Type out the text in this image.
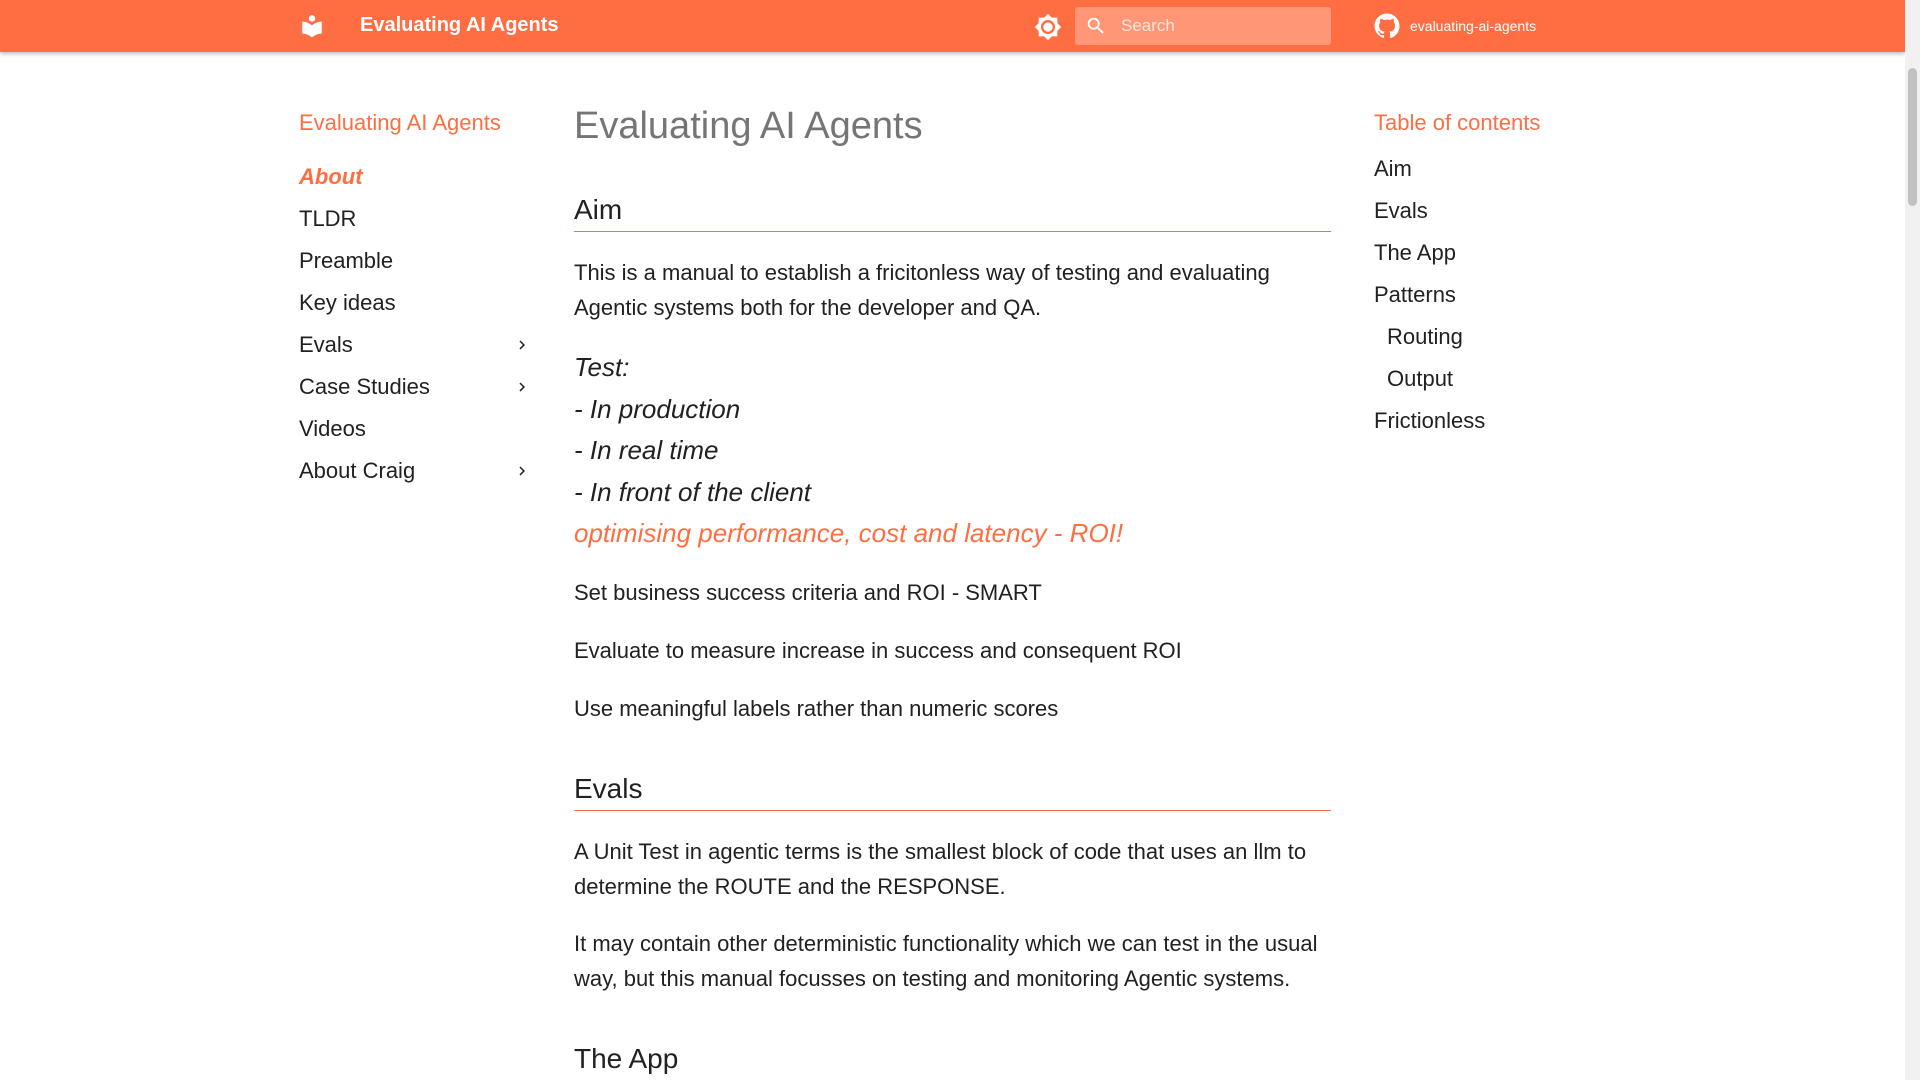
Evaluating AI Agents
Search	evaluating-ai-agents
Evaluating AI Agents
About
TLDR
Preamble
Key ideas
Evals
Case Studies
Videos
About Craig
Evaluating AI Agents
Aim

This is a manual to establish a fricitonless way of testing and evaluating Agentic systems both for the developer and QA.

Test:
- In production
- In real time
- In front of the client
optimising performance, cost and latency - ROI!

Set business success criteria and ROI - SMART

Evaluate to measure increase in success and consequent ROI

Use meaningful labels rather than numeric scores

Evals

A Unit Test in agentic terms is the smallest block of code that uses an llm to determine the ROUTE and the RESPONSE.

It may contain other deterministic functionality which we can test in the usual way, but this manual focusses on testing and monitoring Agentic systems.

The App
Table of contents
Aim
Evals
The App
Patterns
Routing
Output
Frictionless
